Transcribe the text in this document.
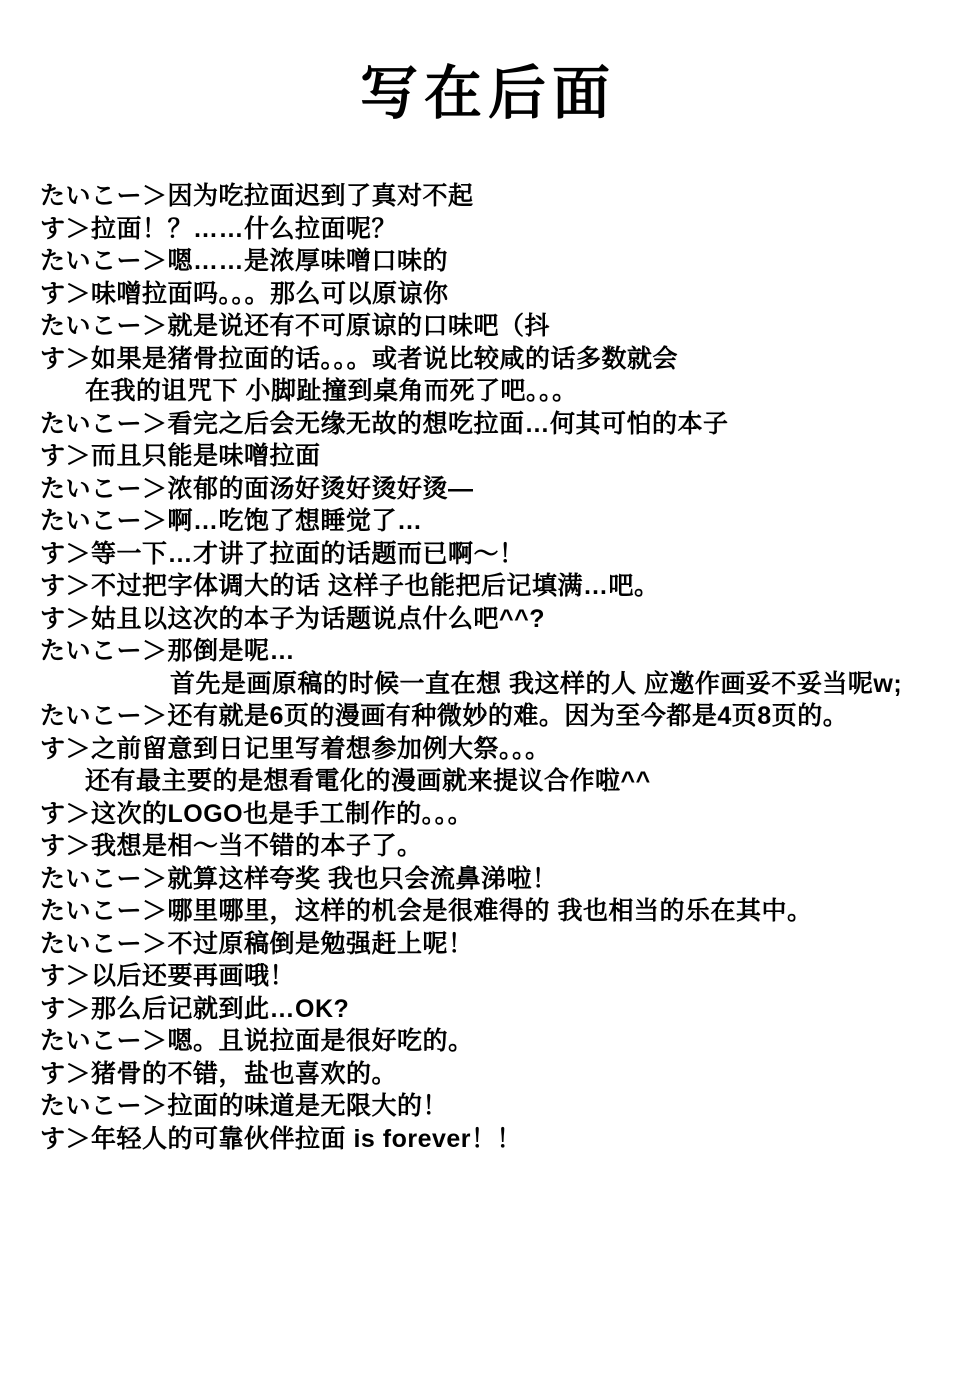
写在后面
たいこー＞因为吃拉面迟到了真对不起
す＞拉面！？……什么拉面呢？
たいこー＞嗯……是浓厚味噌口味的
す＞味噌拉面吗。。。那么可以原谅你
たいこー＞就是说还有不可原谅的口味吧（抖
す＞如果是猪骨拉面的话。。。或者说比较咸的话多数就会
在我的诅咒下 小脚趾撞到桌角而死了吧。。。
たいこー＞看完之后会无缘无故的想吃拉面…何其可怕的本子
す＞而且只能是味噌拉面
たいこー＞浓郁的面汤好烫好烫好烫—
たいこー＞啊…吃饱了想睡觉了…
す＞等一下…才讲了拉面的话题而已啊～！
す＞不过把字体调大的话 这样子也能把后记填满…吧。
す＞姑且以这次的本子为话题说点什么吧^^?
たいこー＞那倒是呢…
首先是画原稿的时候一直在想 我这样的人 应邀作画妥不妥当呢w;
たいこー＞还有就是6页的漫画有种微妙的难。因为至今都是4页8页的。
す＞之前留意到日记里写着想参加例大祭。。。
还有最主要的是想看電化的漫画就来提议合作啦^^
す＞这次的LOGO也是手工制作的。。。
す＞我想是相～当不错的本子了。
たいこー＞就算这样夸奖 我也只会流鼻涕啦！
たいこー＞哪里哪里，这样的机会是很难得的 我也相当的乐在其中。
たいこー＞不过原稿倒是勉强赶上呢！
す＞以后还要再画哦！
す＞那么后记就到此…OK?
たいこー＞嗯。且说拉面是很好吃的。
す＞猪骨的不错，盐也喜欢的。
たいこー＞拉面的味道是无限大的！
す＞年轻人的可靠伙伴拉面 is forever！！
